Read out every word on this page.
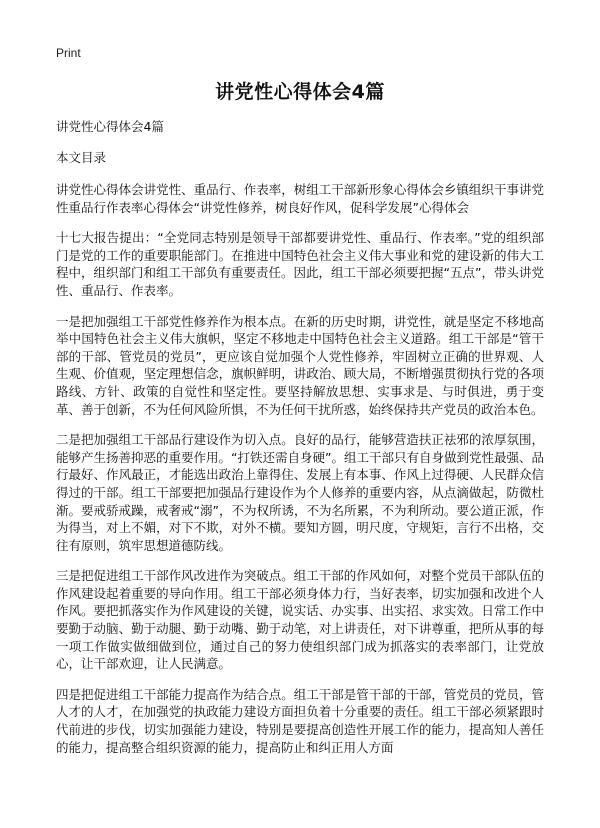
Print
讲党性心得体会4篇
讲党性心得体会4篇
本文目录

讲党性心得体会讲党性、重品行、作表率，树组工干部新形象心得体会乡镇组织干事讲党性重品行作表率心得体会“讲党性修养，树良好作风，促科学发展”心得体会

十七大报告提出：“全党同志特别是领导干部都要讲党性、重品行、作表率。”党的组织部门是党的工作的重要职能部门。在推进中国特色社会主义伟大事业和党的建设新的伟大工程中，组织部门和组工干部负有重要责任。因此，组工干部必须要把握“五点”，带头讲党性、重品行、作表率。

一是把加强组工干部党性修养作为根本点。在新的历史时期，讲党性，就是坚定不移地高举中国特色社会主义伟大旗帜，坚定不移地走中国特色社会主义道路。组工干部是“管干部的干部、管党员的党员”，更应该自觉加强个人党性修养，牢固树立正确的世界观、人生观、价值观，坚定理想信念，旗帜鲜明，讲政治、顾大局，不断增强贯彻执行党的各项路线、方针、政策的自觉性和坚定性。要坚持解放思想、实事求是、与时俱进，勇于变革、善于创新，不为任何风险所惧，不为任何干扰所惑，始终保持共产党员的政治本色。

二是把加强组工干部品行建设作为切入点。良好的品行，能够营造扶正祛邪的浓厚氛围，能够产生扬善抑恶的重要作用。“打铁还需自身硬”。组工干部只有自身做到党性最强、品行最好、作风最正，才能选出政治上靠得住、发展上有本事、作风上过得硬、人民群众信得过的干部。组工干部要把加强品行建设作为个人修养的重要内容，从点滴做起，防微杜渐。要戒骄戒躁，戒奢戒“溺”，不为权所诱，不为名所累，不为利所动。要公道正派，作为得当，对上不媚，对下不欺，对外不横。要知方圆，明尺度，守规矩，言行不出格，交往有原则，筑牢思想道德防线。

三是把促进组工干部作风改进作为突破点。组工干部的作风如何，对整个党员干部队伍的作风建设起着重要的导向作用。组工干部必须身体力行，当好表率，切实加强和改进个人作风。要把抓落实作为作风建设的关键，说实话、办实事、出实招、求实效。日常工作中要勤于动脑、勤于动腿、勤于动嘴、勤于动笔，对上讲责任，对下讲尊重，把所从事的每一项工作做实做细做到位，通过自己的努力使组织部门成为抓落实的表率部门，让党放心，让干部欢迎，让人民满意。

四是把促进组工干部能力提高作为结合点。组工干部是管干部的干部，管党员的党员，管人才的人才，在加强党的执政能力建设方面担负着十分重要的责任。组工干部必须紧跟时代前进的步伐，切实加强能力建设，特别是要提高创造性开展工作的能力，提高知人善任的能力，提高整合组织资源的能力，提高防止和纠正用人方面
